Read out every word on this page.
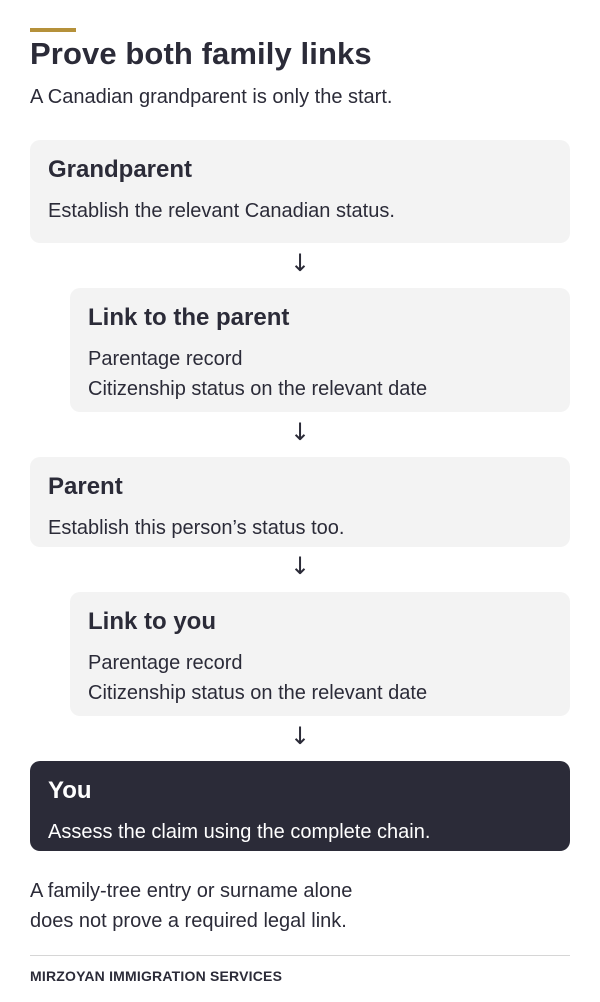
Prove both family links

A Canadian grandparent is only the start.

Grandparent
Establish the relevant Canadian status.
↓
Link to the parent
Parentage record
Citizenship status on the relevant date
↓
Parent
Establish this person’s status too.
↓
Link to you
Parentage record
Citizenship status on the relevant date
↓
You
Assess the claim using the complete chain.
A family-tree entry or surname alone
does not prove a required legal link.
MIRZOYAN IMMIGRATION SERVICES
